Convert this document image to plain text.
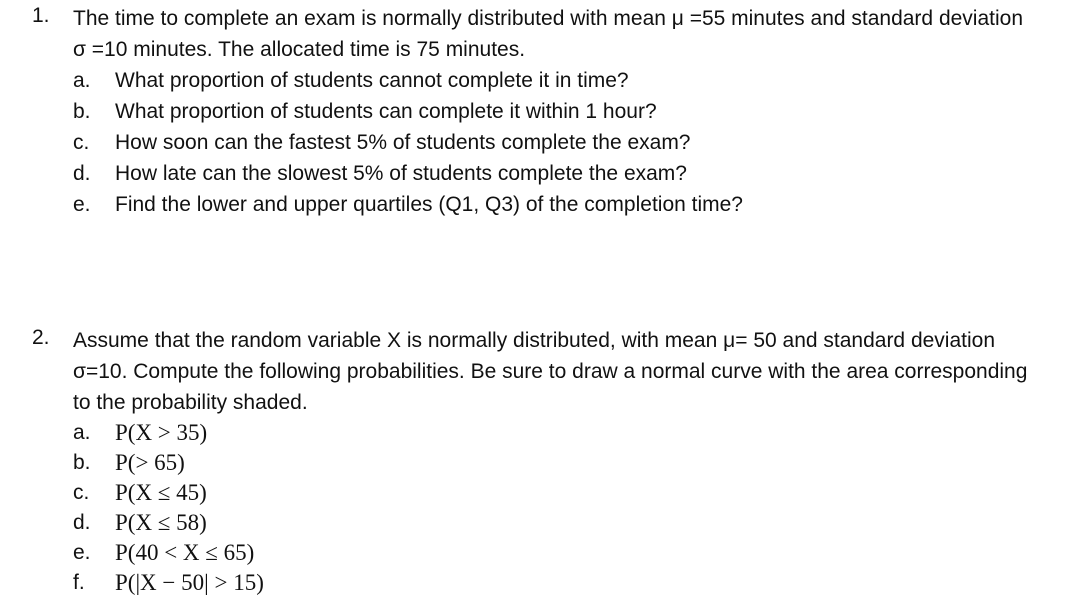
1. The time to complete an exam is normally distributed with mean μ =55 minutes and standard deviation σ =10 minutes. The allocated time is 75 minutes.
a. What proportion of students cannot complete it in time?
b. What proportion of students can complete it within 1 hour?
c. How soon can the fastest 5% of students complete the exam?
d. How late can the slowest 5% of students complete the exam?
e. Find the lower and upper quartiles (Q1, Q3) of the completion time?
2. Assume that the random variable X is normally distributed, with mean μ= 50 and standard deviation σ=10. Compute the following probabilities. Be sure to draw a normal curve with the area corresponding to the probability shaded.
a. P(X > 35)
b. P(> 65)
c. P(X ≤ 45)
d. P(X ≤ 58)
e. P(40 < X ≤ 65)
f. P(|X − 50| > 15)
